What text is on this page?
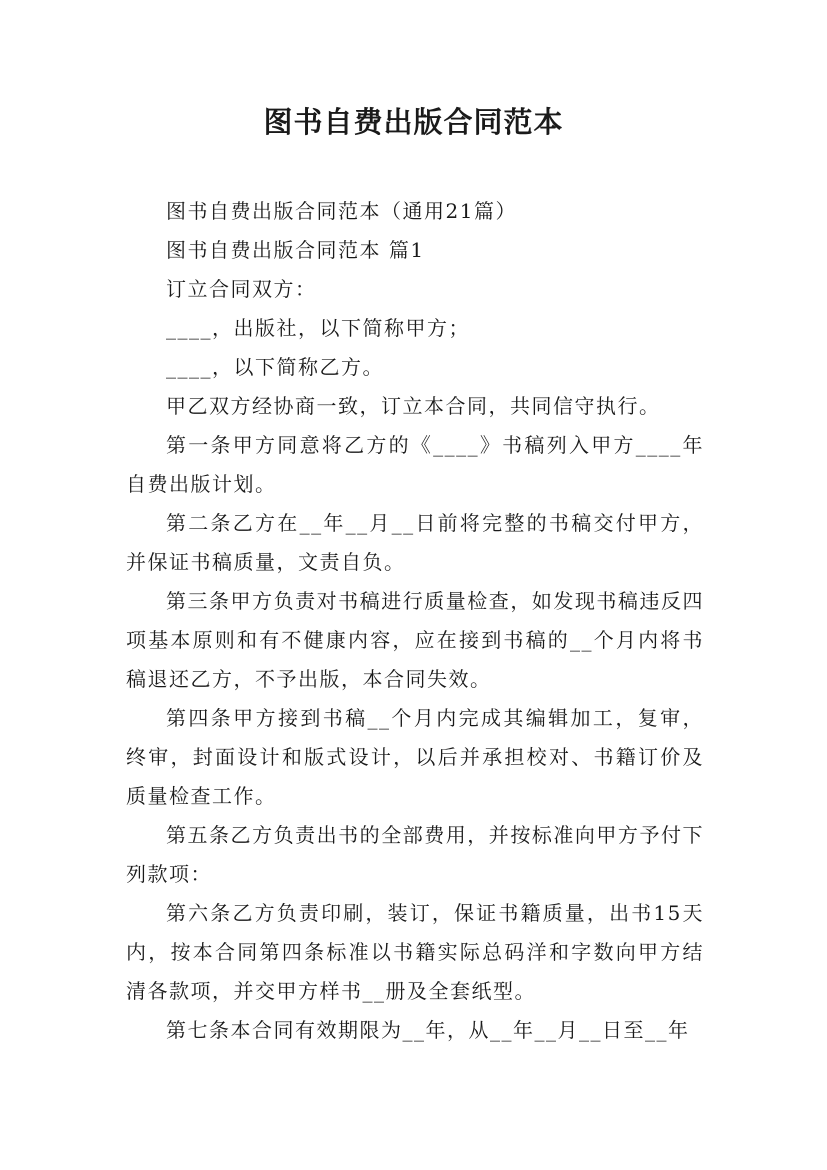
图书自费出版合同范本

图书自费出版合同范本（通用21篇）

图书自费出版合同范本 篇1

订立合同双方：

____，出版社，以下简称甲方；

____，以下简称乙方。

甲乙双方经协商一致，订立本合同，共同信守执行。

第一条甲方同意将乙方的《____》书稿列入甲方____年自费出版计划。

第二条乙方在__年__月__日前将完整的书稿交付甲方，并保证书稿质量，文责自负。

第三条甲方负责对书稿进行质量检查，如发现书稿违反四项基本原则和有不健康内容，应在接到书稿的__个月内将书稿退还乙方，不予出版，本合同失效。

第四条甲方接到书稿__个月内完成其编辑加工，复审，终审，封面设计和版式设计，以后并承担校对、书籍订价及质量检查工作。

第五条乙方负责出书的全部费用，并按标准向甲方予付下列款项：

第六条乙方负责印刷，装订，保证书籍质量，出书15天内，按本合同第四条标准以书籍实际总码洋和字数向甲方结清各款项，并交甲方样书__册及全套纸型。

第七条本合同有效期限为__年，从__年__月__日至__年
